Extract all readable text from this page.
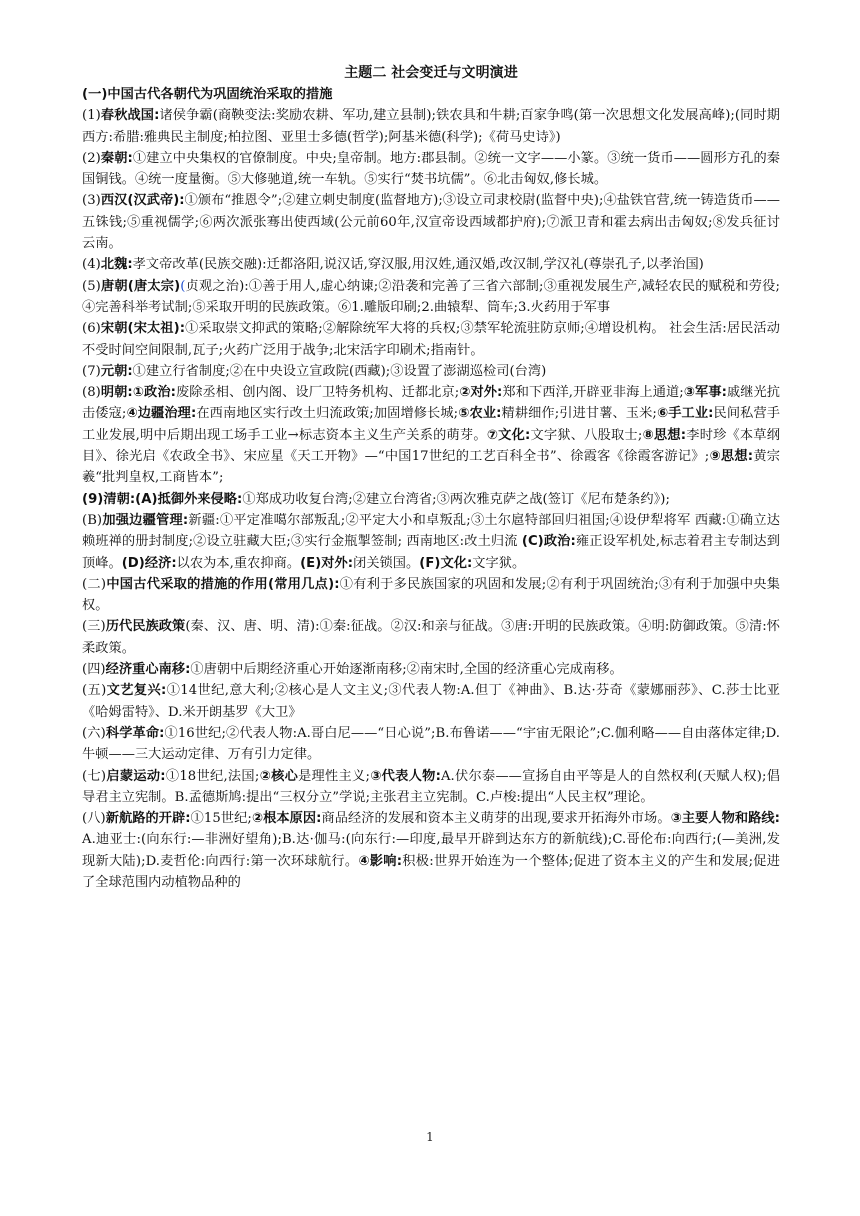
主题二 社会变迁与文明演进

(一)中国古代各朝代为巩固统治采取的措施

(1)春秋战国:诸侯争霸(商鞅变法:奖励农耕、军功,建立县制);铁农具和牛耕;百家争鸣(第一次思想文化发展高峰);(同时期西方:希腊:雅典民主制度;柏拉图、亚里士多德(哲学);阿基米德(科学);《荷马史诗》)

(2)秦朝:①建立中央集权的官僚制度。中央;皇帝制。地方:郡县制。②统一文字——小篆。③统一货币——圆形方孔的秦国铜钱。④统一度量衡。⑤大修驰道,统一车轨。⑤实行“焚书坑儒”。⑥北击匈奴,修长城。

(3)西汉(汉武帝):①颁布“推恩令”;②建立刺史制度(监督地方);③设立司隶校尉(监督中央);④盐铁官营,统一铸造货币——五铢钱;⑤重视儒学;⑥两次派张骞出使西域(公元前60年,汉宣帝设西域都护府);⑦派卫青和霍去病出击匈奴;⑧发兵征讨云南。

(4)北魏:孝文帝改革(民族交融):迁都洛阳,说汉话,穿汉服,用汉姓,通汉婚,改汉制,学汉礼(尊崇孔子,以孝治国)

(5)唐朝(唐太宗)(贞观之治):①善于用人,虚心纳谏;②沿袭和完善了三省六部制;③重视发展生产,减轻农民的赋税和劳役;④完善科举考试制;⑤采取开明的民族政策。⑥1.雕版印刷;2.曲辕犁、筒车;3.火药用于军事

(6)宋朝(宋太祖):①采取崇文抑武的策略;②解除统军大将的兵权;③禁军轮流驻防京师;④增设机构。 社会生活:居民活动不受时间空间限制,瓦子;火药广泛用于战争;北宋活字印刷术;指南针。

(7)元朝:①建立行省制度;②在中央设立宣政院(西藏);③设置了澎湖巡检司(台湾)

(8)明朝:①政治:废除丞相、创内阁、设厂卫特务机构、迁都北京;②对外:郑和下西洋,开辟亚非海上通道;③军事:戚继光抗击倭寇;④边疆治理:在西南地区实行改土归流政策;加固增修长城;⑤农业:精耕细作;引进甘薯、玉米;⑥手工业:民间私营手工业发展,明中后期出现工场手工业→标志资本主义生产关系的萌芽。⑦文化:文字狱、八股取士;⑧思想:李时珍《本草纲目》、徐光启《农政全书》、宋应星《天工开物》—“中国17世纪的工艺百科全书”、徐霞客《徐霞客游记》;⑨思想:黄宗羲“批判皇权,工商皆本”;

(9)清朝:(A)抵御外来侵略:①郑成功收复台湾;②建立台湾省;③两次雅克萨之战(签订《尼布楚条约》);

(B)加强边疆管理:新疆:①平定准噶尔部叛乱;②平定大小和卓叛乱;③土尔扈特部回归祖国;④设伊犁将军 西藏:①确立达赖班禅的册封制度;②设立驻藏大臣;③实行金瓶掣签制; 西南地区:改土归流 (C)政治:雍正设军机处,标志着君主专制达到顶峰。(D)经济:以农为本,重农抑商。(E)对外:闭关锁国。(F)文化:文字狱。

(二)中国古代采取的措施的作用(常用几点):①有利于多民族国家的巩固和发展;②有利于巩固统治;③有利于加强中央集权。

(三)历代民族政策(秦、汉、唐、明、清):①秦:征战。②汉:和亲与征战。③唐:开明的民族政策。④明:防御政策。⑤清:怀柔政策。

(四)经济重心南移:①唐朝中后期经济重心开始逐渐南移;②南宋时,全国的经济重心完成南移。

(五)文艺复兴:①14世纪,意大利;②核心是人文主义;③代表人物:A.但丁《神曲》、B.达·芬奇《蒙娜丽莎》、C.莎士比亚《哈姆雷特》、D.米开朗基罗《大卫》

(六)科学革命:①16世纪;②代表人物:A.哥白尼——“日心说”;B.布鲁诺——“宇宙无限论”;C.伽利略——自由落体定律;D.牛顿——三大运动定律、万有引力定律。

(七)启蒙运动:①18世纪,法国;②核心是理性主义;③代表人物:A.伏尔泰——宣扬自由平等是人的自然权利(天赋人权);倡导君主立宪制。B.孟德斯鸠:提出“三权分立”学说;主张君主立宪制。C.卢梭:提出“人民主权”理论。

(八)新航路的开辟:①15世纪;②根本原因:商品经济的发展和资本主义萌芽的出现,要求开拓海外市场。③主要人物和路线:A.迪亚士:(向东行:—非洲好望角);B.达·伽马:(向东行:—印度,最早开辟到达东方的新航线);C.哥伦布:向西行;(—美洲,发现新大陆);D.麦哲伦:向西行:第一次环球航行。④影响:积极:世界开始连为一个整体;促进了资本主义的产生和发展;促进了全球范围内动植物品种的

1
